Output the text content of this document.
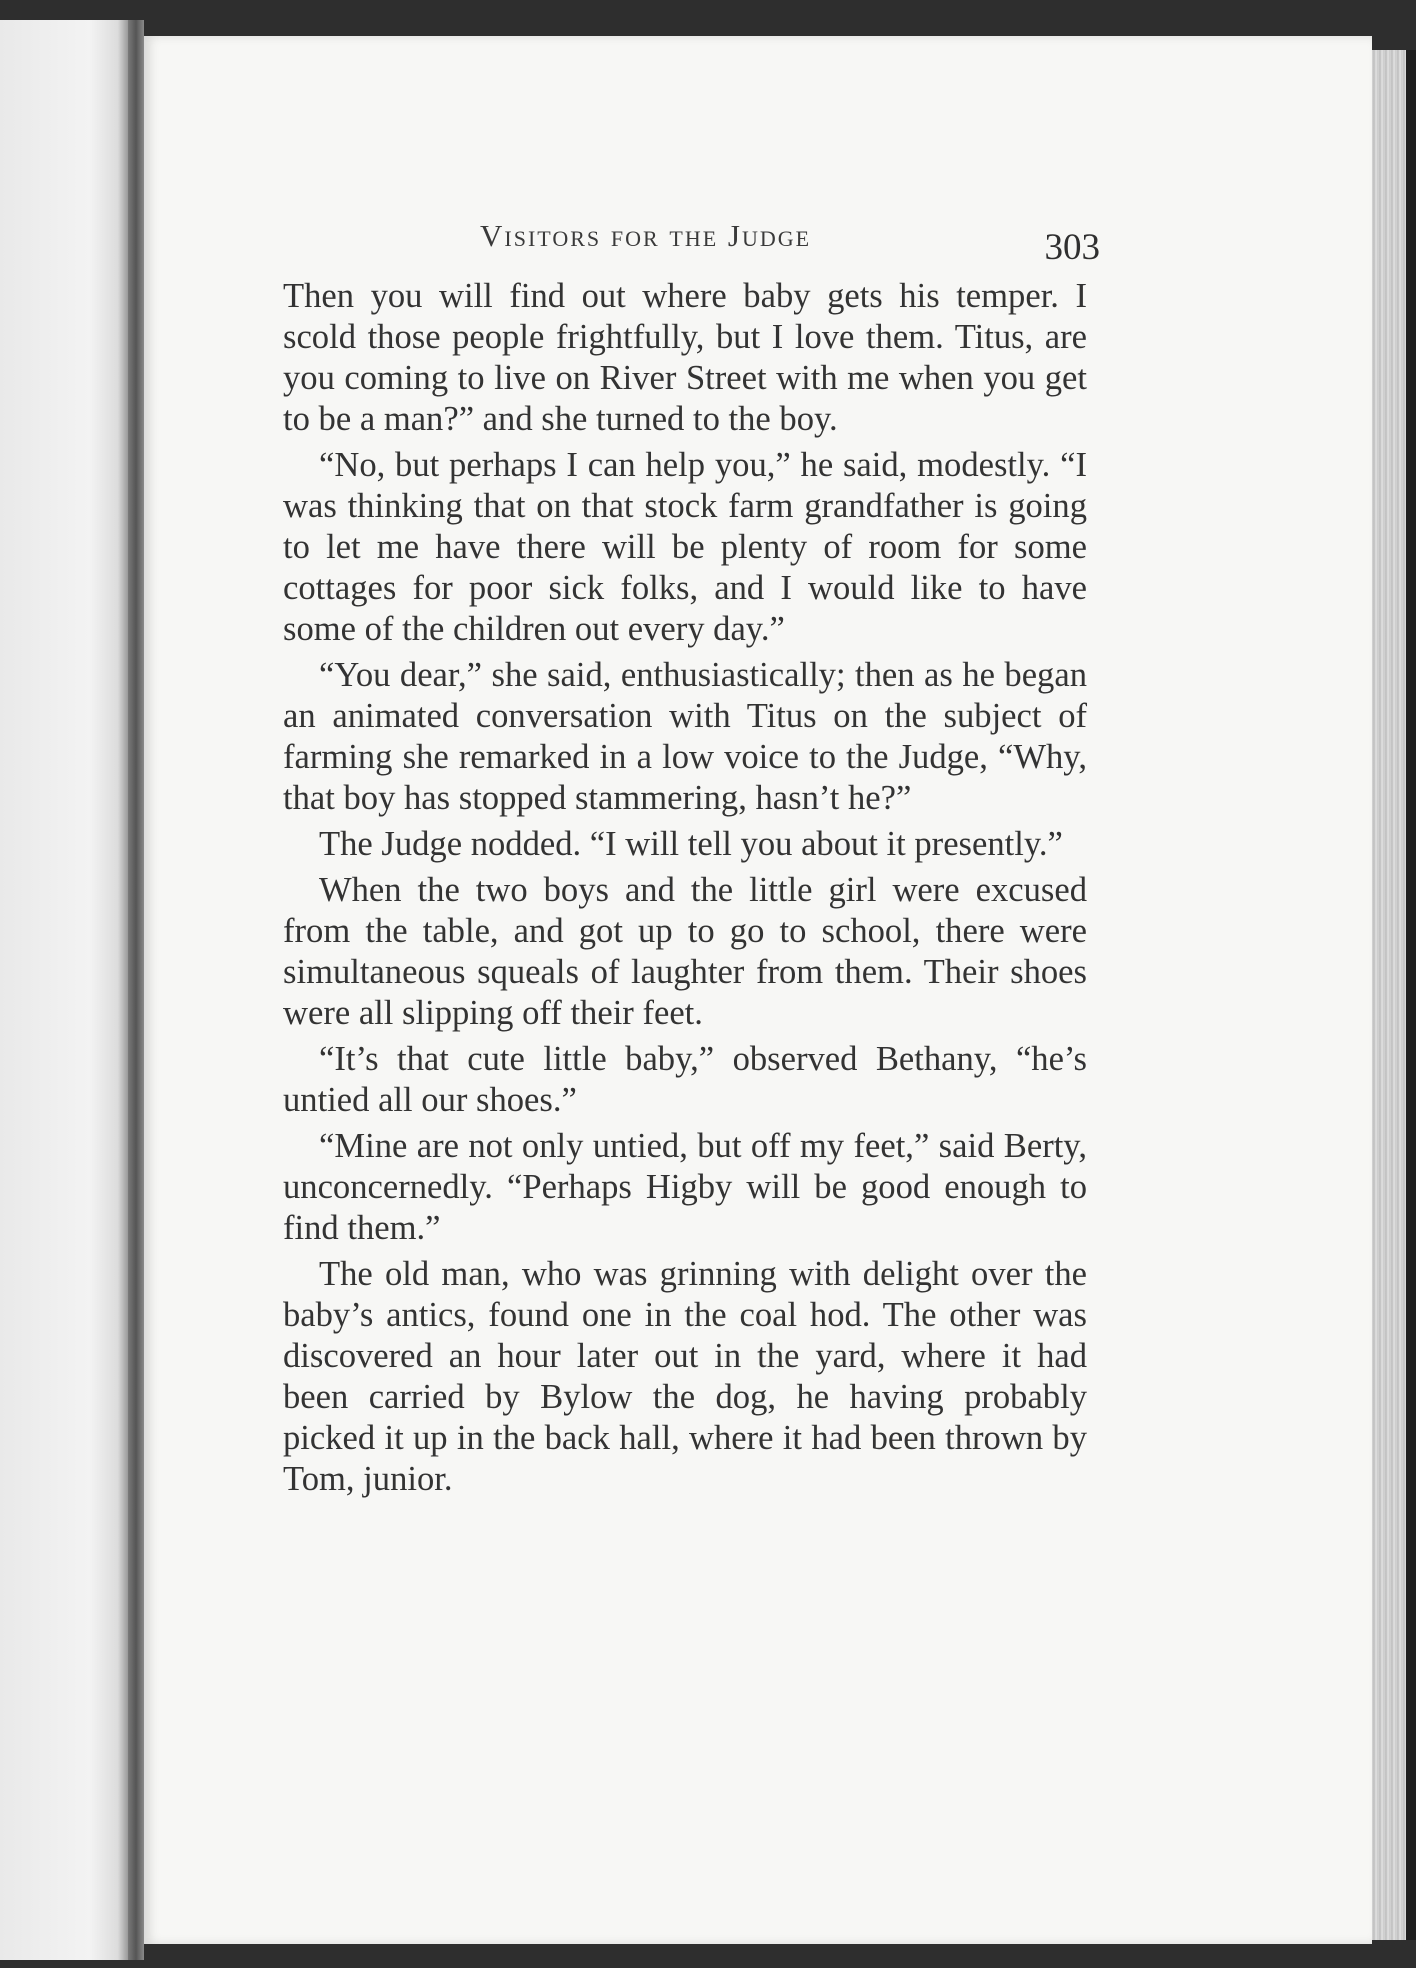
Visitors for the Judge	303

Then you will find out where baby gets his temper. I scold those people frightfully, but I love them. Titus, are you coming to live on River Street with me when you get to be a man?” and she turned to the boy.

“No, but perhaps I can help you,” he said, modestly. “I was thinking that on that stock farm grandfather is going to let me have there will be plenty of room for some cottages for poor sick folks, and I would like to have some of the children out every day.”

“You dear,” she said, enthusiastically; then as he began an animated conversation with Titus on the subject of farming she remarked in a low voice to the Judge, “Why, that boy has stopped stammering, hasn’t he?”

The Judge nodded. “I will tell you about it presently.”

When the two boys and the little girl were excused from the table, and got up to go to school, there were simultaneous squeals of laughter from them. Their shoes were all slipping off their feet.

“It’s that cute little baby,” observed Bethany, “he’s untied all our shoes.”

“Mine are not only untied, but off my feet,” said Berty, unconcernedly. “Perhaps Higby will be good enough to find them.”

The old man, who was grinning with delight over the baby’s antics, found one in the coal hod. The other was discovered an hour later out in the yard, where it had been carried by Bylow the dog, he having probably picked it up in the back hall, where it had been thrown by Tom, junior.
